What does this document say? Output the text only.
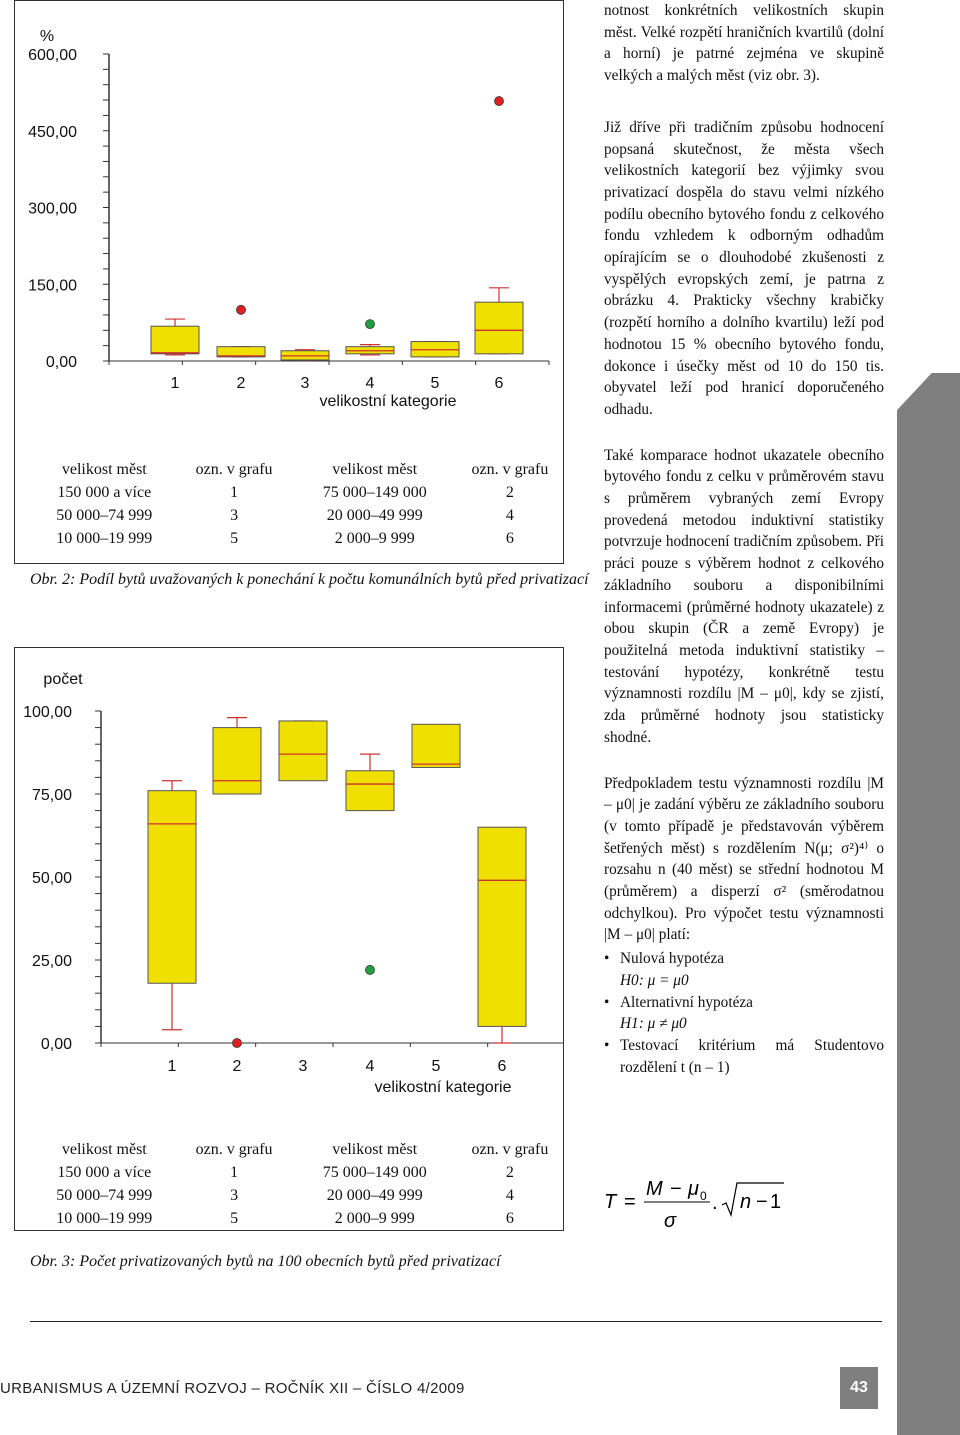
0,00
150,00
300,00
450,00
600,00
%
1	2	3	4	5	6
velikostní kategorie
velikost měst	ozn. v grafu	velikost měst	ozn. v grafu
150 000 a více	1	75 000–149 000	2
50 000–74 999	3	20 000–49 999	4
10 000–19 999	5	2 000–9 999	6
Obr. 2: Podíl bytů uvažovaných k ponechání k počtu komunálních bytů před privatizací
0,00
25,00
50,00
75,00
100,00
počet
1	2	3	4	5	6
velikostní kategorie
velikost měst	ozn. v grafu	velikost měst	ozn. v grafu
150 000 a více	1	75 000–149 000	2
50 000–74 999	3	20 000–49 999	4
10 000–19 999	5	2 000–9 999	6
Obr. 3: Počet privatizovaných bytů na 100 obecních bytů před privatizací

notnost konkrétních velikostních skupin měst. Velké rozpětí hraničních kvartilů (dolní a horní) je patrné zejména ve skupině velkých a malých měst (viz obr. 3).

Již dříve při tradičním způsobu hodnocení popsaná skutečnost, že města všech velikostních kategorií bez výjimky svou privatizací dospěla do stavu velmi nízkého podílu obecního bytového fondu z celkového fondu vzhledem k odborným odhadům opírajícím se o dlouhodobé zkušenosti z vyspělých evropských zemí, je patrna z obrázku 4. Prakticky všechny krabičky (rozpětí horního a dolního kvartilu) leží pod hodnotou 15 % obecního bytového fondu, dokonce i úsečky měst od 10 do 150 tis. obyvatel leží pod hranicí doporučeného odhadu.

Také komparace hodnot ukazatele obecního bytového fondu z celku v průměrovém stavu s průměrem vybraných zemí Evropy provedená metodou induktivní statistiky potvrzuje hodnocení tradičním způsobem. Při práci pouze s výběrem hodnot z celkového základního souboru a disponibilními informacemi (průměrné hodnoty ukazatele) z obou skupin (ČR a země Evropy) je použitelná metoda induktivní statistiky – testování hypotézy, konkrétně testu významnosti rozdílu |M – μ0|, kdy se zjistí, zda průměrné hodnoty jsou statisticky shodné.

Předpokladem testu významnosti rozdílu |M – μ0| je zadání výběru ze základního souboru (v tomto případě je představován výběrem šetřených měst) s rozdělením N(μ; σ²)⁴⁾ o rozsahu n (40 měst) se střední hodnotou M (průměrem) a disperzí σ² (směrodatnou odchylkou). Pro výpočet testu významnosti |M – μ0| platí:

• Nulová hypotéza
H0: μ = μ0
• Alternativní hypotéza
H1: μ ≠ μ0
• Testovací kritérium má Studentovo rozdělení t (n – 1)
T =
M − μ 0
σ
. n − 1
URBANISMUS A ÚZEMNÍ ROZVOJ – ROČNÍK XII – ČÍSLO 4/2009	43
